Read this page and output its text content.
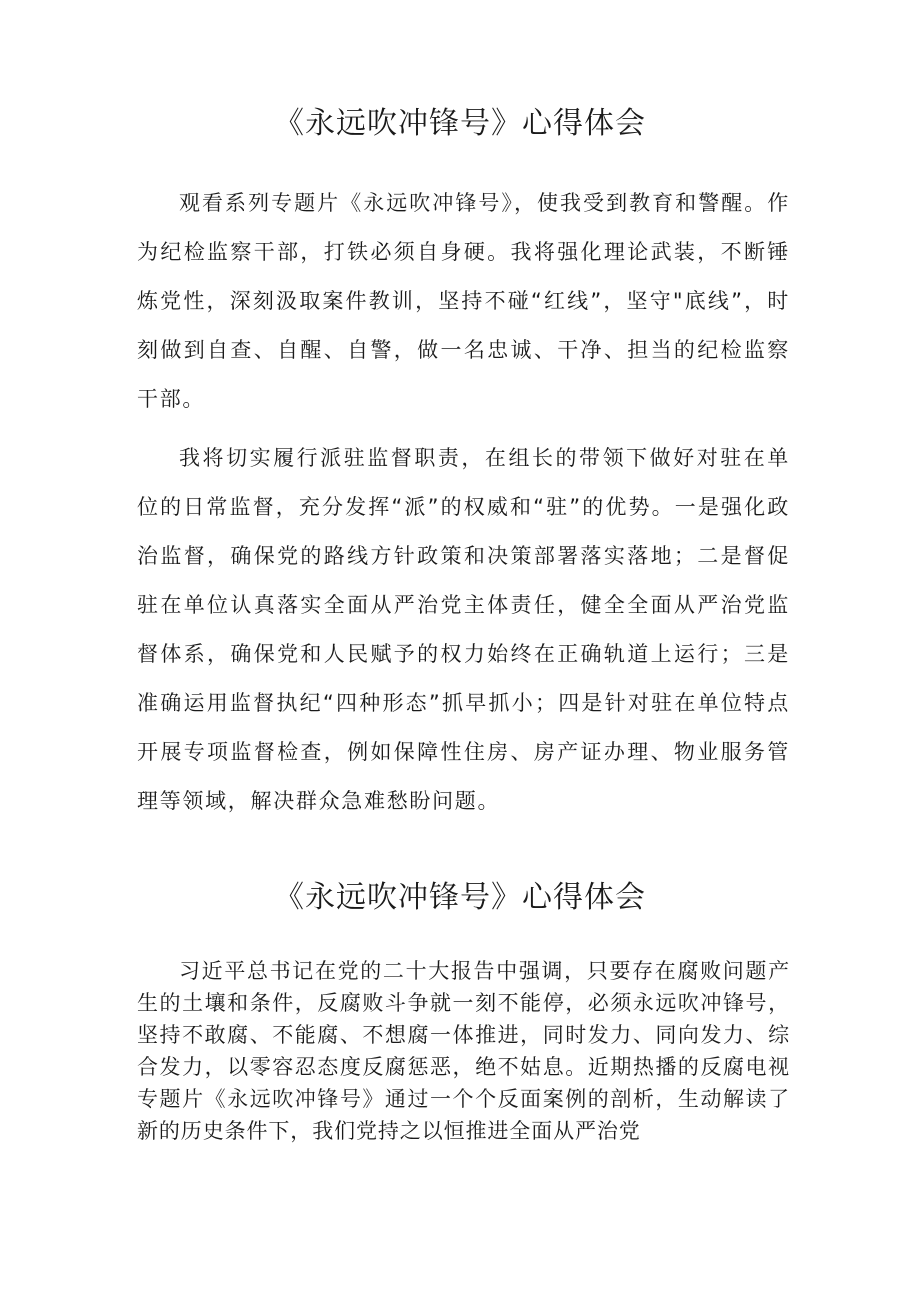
《永远吹冲锋号》心得体会

观看系列专题片《永远吹冲锋号》，使我受到教育和警醒。作为纪检监察干部，打铁必须自身硬。我将强化理论武装，不断锤炼党性，深刻汲取案件教训，坚持不碰“红线”，坚守"底线”，时刻做到自查、自醒、自警，做一名忠诚、干净、担当的纪检监察干部。

我将切实履行派驻监督职责，在组长的带领下做好对驻在单位的日常监督，充分发挥“派”的权威和“驻”的优势。一是强化政治监督，确保党的路线方针政策和决策部署落实落地；二是督促驻在单位认真落实全面从严治党主体责任，健全全面从严治党监督体系，确保党和人民赋予的权力始终在正确轨道上运行；三是准确运用监督执纪“四种形态”抓早抓小；四是针对驻在单位特点开展专项监督检查，例如保障性住房、房产证办理、物业服务管理等领域，解决群众急难愁盼问题。

《永远吹冲锋号》心得体会

习近平总书记在党的二十大报告中强调，只要存在腐败问题产生的土壤和条件，反腐败斗争就一刻不能停，必须永远吹冲锋号，坚持不敢腐、不能腐、不想腐一体推进，同时发力、同向发力、综合发力，以零容忍态度反腐惩恶，绝不姑息。近期热播的反腐电视专题片《永远吹冲锋号》通过一个个反面案例的剖析，生动解读了新的历史条件下，我们党持之以恒推进全面从严治党
